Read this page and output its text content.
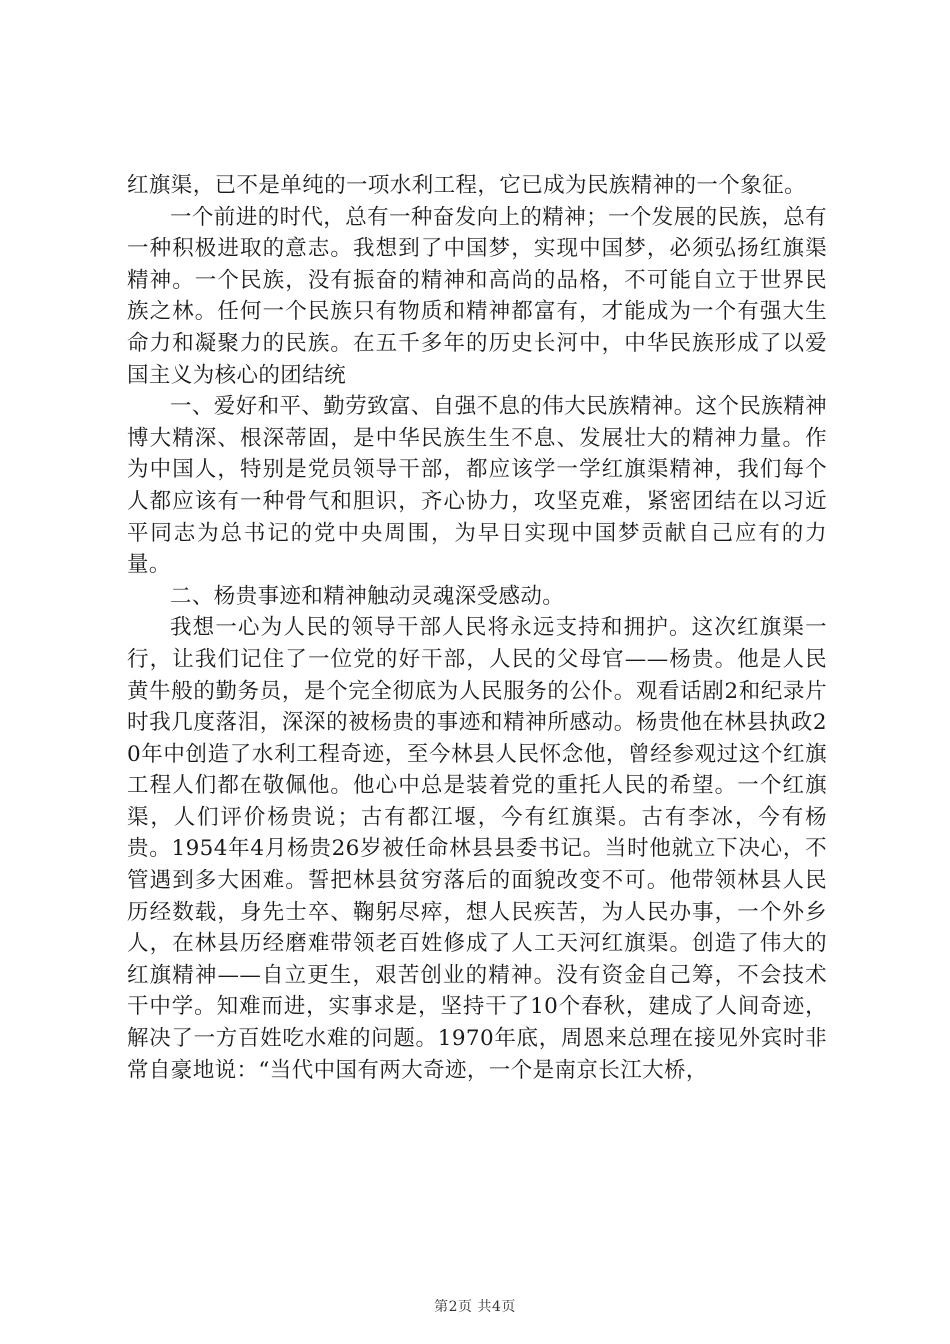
红旗渠，已不是单纯的一项水利工程，它已成为民族精神的一个象征。

一个前进的时代，总有一种奋发向上的精神；一个发展的民族，总有一种积极进取的意志。我想到了中国梦，实现中国梦，必须弘扬红旗渠精神。一个民族，没有振奋的精神和高尚的品格，不可能自立于世界民族之林。任何一个民族只有物质和精神都富有，才能成为一个有强大生命力和凝聚力的民族。在五千多年的历史长河中，中华民族形成了以爱国主义为核心的团结统

一、爱好和平、勤劳致富、自强不息的伟大民族精神。这个民族精神博大精深、根深蒂固，是中华民族生生不息、发展壮大的精神力量。作为中国人，特别是党员领导干部，都应该学一学红旗渠精神，我们每个人都应该有一种骨气和胆识，齐心协力，攻坚克难，紧密团结在以习近平同志为总书记的党中央周围，为早日实现中国梦贡献自己应有的力量。

二、杨贵事迹和精神触动灵魂深受感动。

我想一心为人民的领导干部人民将永远支持和拥护。这次红旗渠一行，让我们记住了一位党的好干部，人民的父母官——杨贵。他是人民黄牛般的勤务员，是个完全彻底为人民服务的公仆。观看话剧2和纪录片时我几度落泪，深深的被杨贵的事迹和精神所感动。杨贵他在林县执政20年中创造了水利工程奇迹，至今林县人民怀念他，曾经参观过这个红旗工程人们都在敬佩他。他心中总是装着党的重托人民的希望。一个红旗渠，人们评价杨贵说；古有都江堰，今有红旗渠。古有李冰，今有杨贵。1954年4月杨贵26岁被任命林县县委书记。当时他就立下决心，不管遇到多大困难。誓把林县贫穷落后的面貌改变不可。他带领林县人民历经数载，身先士卒、鞠躬尽瘁，想人民疾苦，为人民办事，一个外乡人，在林县历经磨难带领老百姓修成了人工天河红旗渠。创造了伟大的红旗精神——自立更生，艰苦创业的精神。没有资金自己筹，不会技术干中学。知难而进，实事求是，坚持干了10个春秋，建成了人间奇迹，解决了一方百姓吃水难的问题。1970年底，周恩来总理在接见外宾时非常自豪地说：“当代中国有两大奇迹，一个是南京长江大桥，

第2页 共4页
